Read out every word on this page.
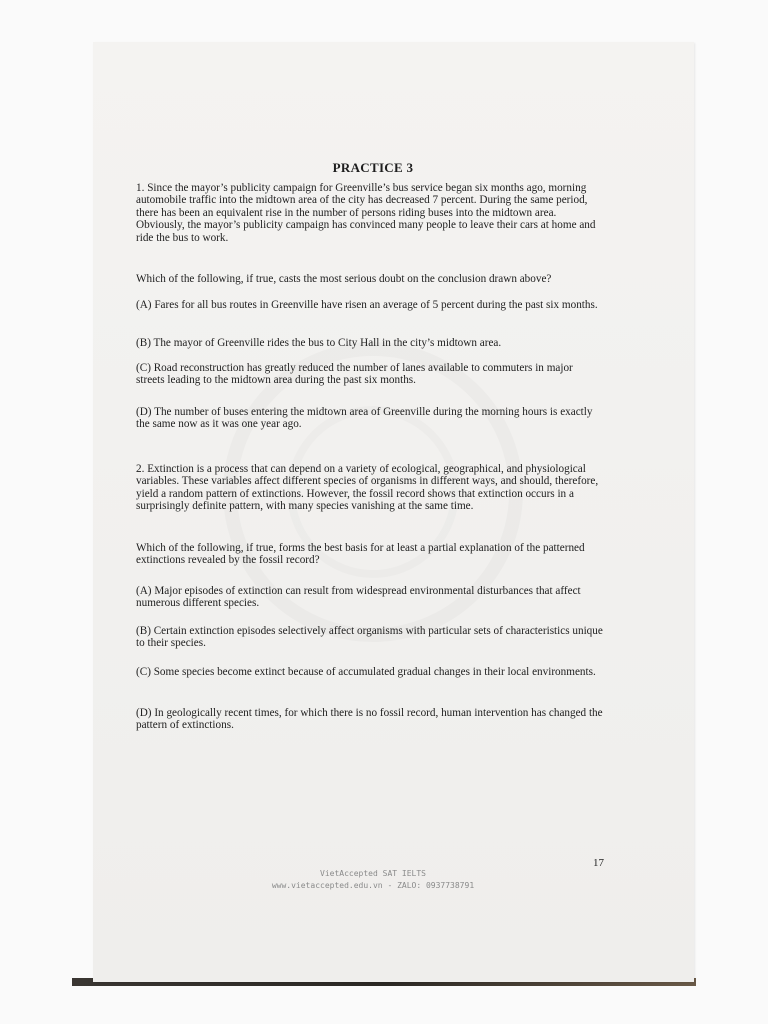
PRACTICE 3

1. Since the mayor’s publicity campaign for Greenville’s bus service began six months ago, morning automobile traffic into the midtown area of the city has decreased 7 percent. During the same period, there has been an equivalent rise in the number of persons riding buses into the midtown area. Obviously, the mayor’s publicity campaign has convinced many people to leave their cars at home and ride the bus to work.

Which of the following, if true, casts the most serious doubt on the conclusion drawn above?

(A) Fares for all bus routes in Greenville have risen an average of 5 percent during the past six months.

(B) The mayor of Greenville rides the bus to City Hall in the city’s midtown area.

(C) Road reconstruction has greatly reduced the number of lanes available to commuters in major streets leading to the midtown area during the past six months.

(D) The number of buses entering the midtown area of Greenville during the morning hours is exactly the same now as it was one year ago.

2. Extinction is a process that can depend on a variety of ecological, geographical, and physiological variables. These variables affect different species of organisms in different ways, and should, therefore, yield a random pattern of extinctions. However, the fossil record shows that extinction occurs in a surprisingly definite pattern, with many species vanishing at the same time.

Which of the following, if true, forms the best basis for at least a partial explanation of the patterned extinctions revealed by the fossil record?

(A) Major episodes of extinction can result from widespread environmental disturbances that affect numerous different species.

(B) Certain extinction episodes selectively affect organisms with particular sets of characteristics unique to their species.

(C) Some species become extinct because of accumulated gradual changes in their local environments.

(D) In geologically recent times, for which there is no fossil record, human intervention has changed the pattern of extinctions.

17
VietAccepted SAT IELTS
www.vietaccepted.edu.vn - ZALO: 0937738791
